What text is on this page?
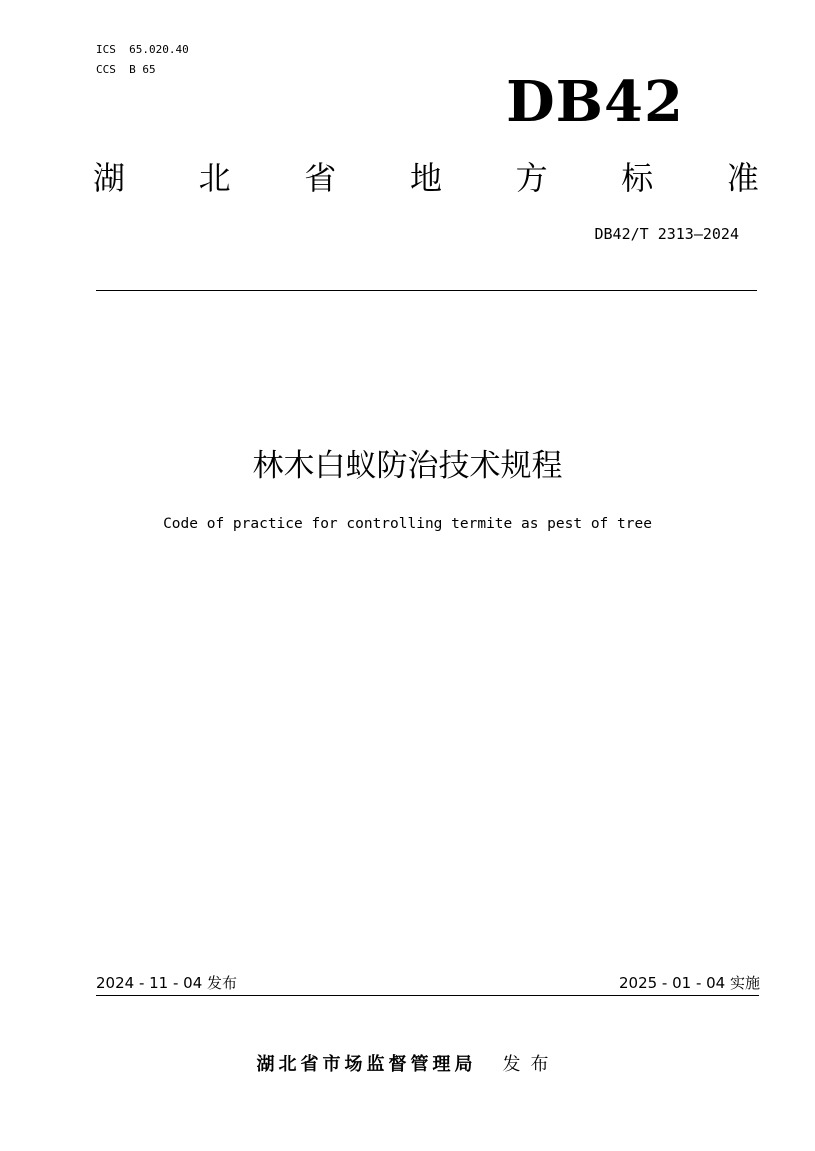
ICS  65.020.40
CCS  B 65	DB42
湖 北 省 地 方 标 准
DB42/T 2313—2024
林木白蚁防治技术规程
Code of practice for controlling termite as pest of tree
2024 - 11 - 04 发布	2025 - 01 - 04 实施
湖北省市场监督管理局 发布
